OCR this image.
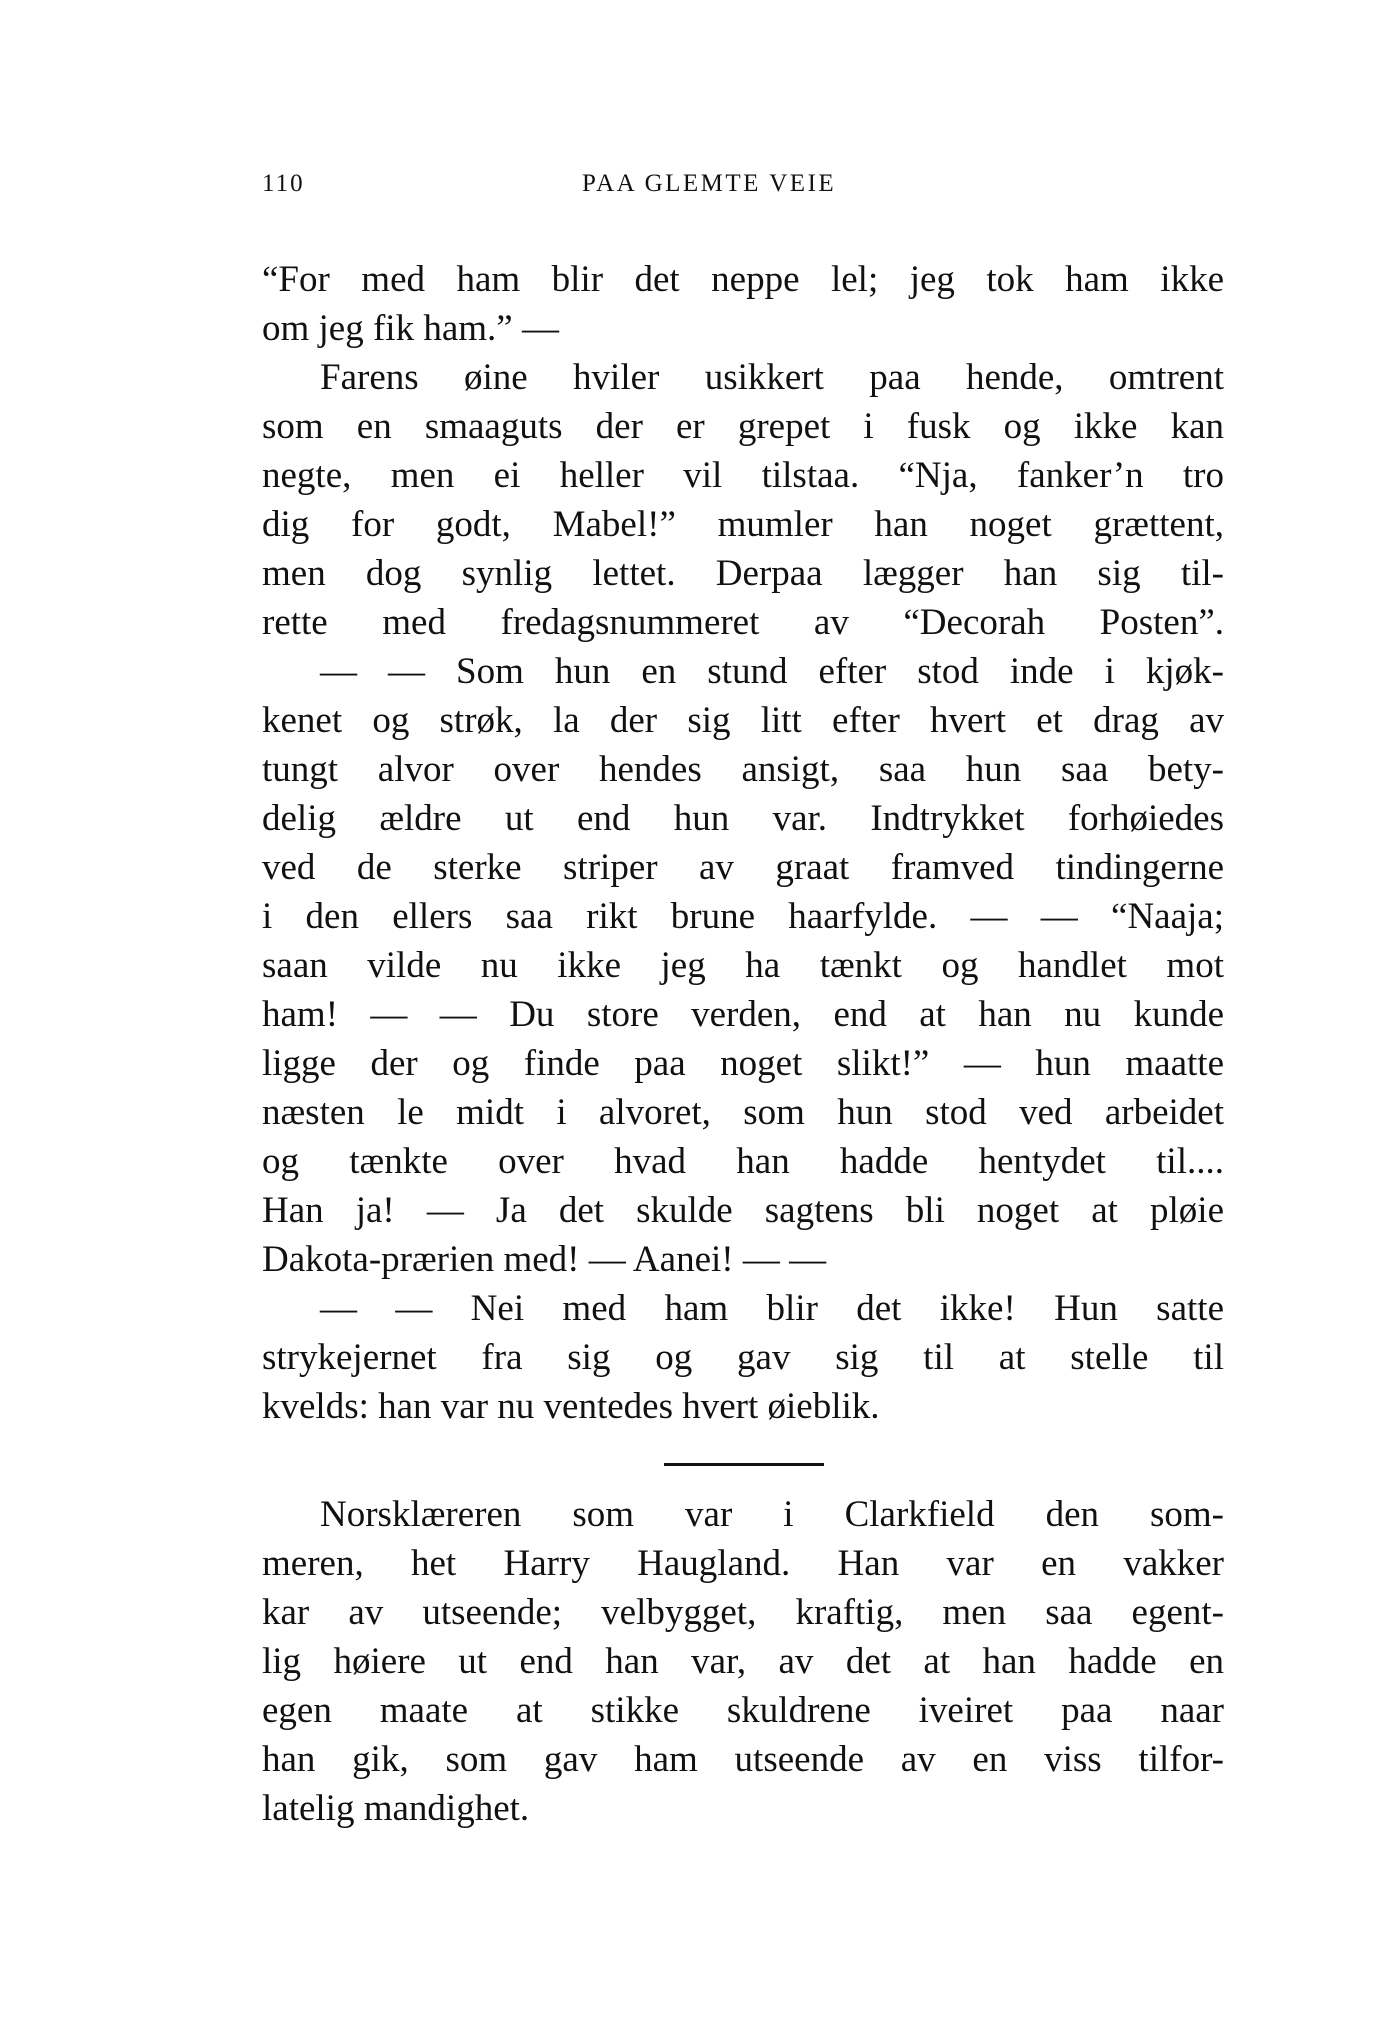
110	PAA GLEMTE VEIE
“For med ham blir det neppe lel; jeg tok ham ikke
om jeg fik ham.” —
Farens øine hviler usikkert paa hende, omtrent
som en smaaguts der er grepet i fusk og ikke kan
negte, men ei heller vil tilstaa. “Nja, fanker’n tro
dig for godt, Mabel!” mumler han noget grættent,
men dog synlig lettet. Derpaa lægger han sig til-
rette med fredagsnummeret av “Decorah Posten”.
— — Som hun en stund efter stod inde i kjøk-
kenet og strøk, la der sig litt efter hvert et drag av
tungt alvor over hendes ansigt, saa hun saa bety-
delig ældre ut end hun var. Indtrykket forhøiedes
ved de sterke striper av graat framved tindingerne
i den ellers saa rikt brune haarfylde. — — “Naaja;
saan vilde nu ikke jeg ha tænkt og handlet mot
ham! — — Du store verden, end at han nu kunde
ligge der og finde paa noget slikt!” — hun maatte
næsten le midt i alvoret, som hun stod ved arbeidet
og tænkte over hvad han hadde hentydet til....
Han ja! — Ja det skulde sagtens bli noget at pløie
Dakota-prærien med! — Aanei! — —
— — Nei med ham blir det ikke! Hun satte
strykejernet fra sig og gav sig til at stelle til
kvelds: han var nu ventedes hvert øieblik.
Norsklæreren som var i Clarkfield den som-
meren, het Harry Haugland. Han var en vakker
kar av utseende; velbygget, kraftig, men saa egent-
lig høiere ut end han var, av det at han hadde en
egen maate at stikke skuldrene iveiret paa naar
han gik, som gav ham utseende av en viss tilfor-
latelig mandighet.
